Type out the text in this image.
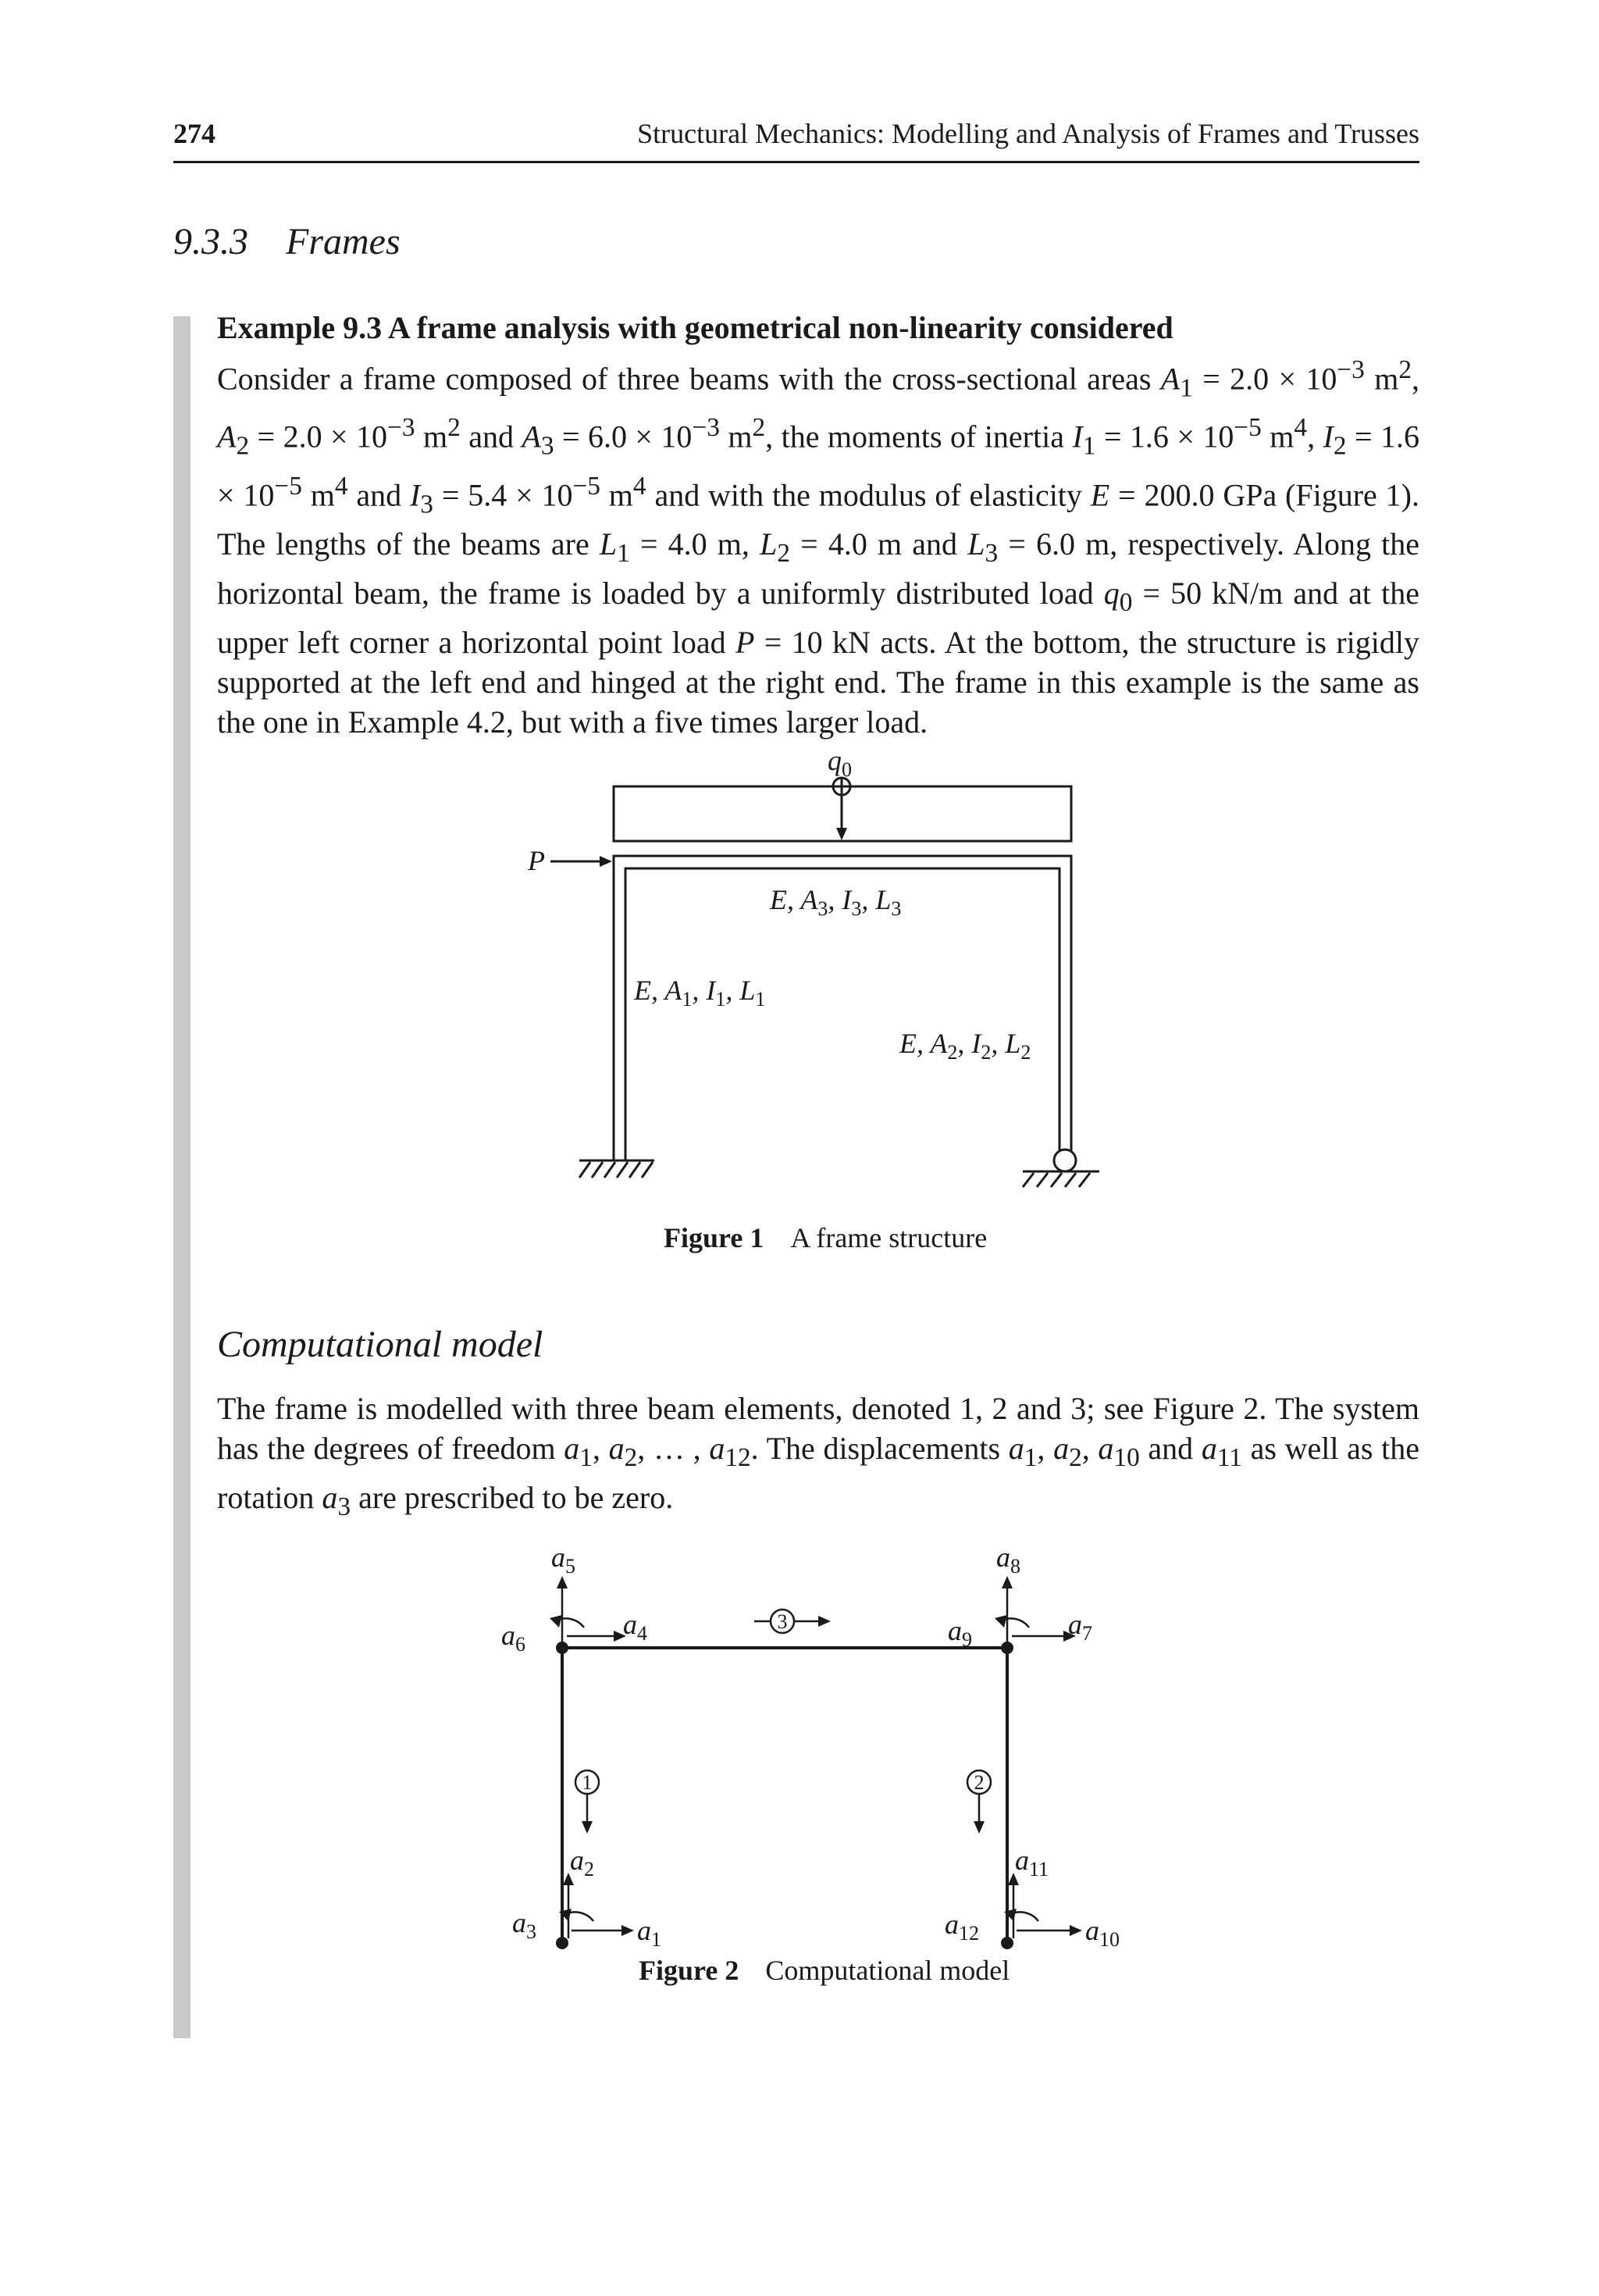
274	Structural Mechanics: Modelling and Analysis of Frames and Trusses
9.3.3 Frames
Example 9.3 A frame analysis with geometrical non-linearity considered
Consider a frame composed of three beams with the cross-sectional areas $A_1 = 2.0 \times 10^{-3}$ $m^2$, $A_2 = 2.0 \times 10^{-3}$ $m^2$ and $A_3 = 6.0 \times 10^{-3}$ $m^2$, the moments of inertia $I_1 = 1.6 \times 10^{-5}$ $m^4$, $I_2 = 1.6 \times 10^{-5}$ $m^4$ and $I_3 = 5.4 \times 10^{-5}$ $m^4$ and with the modulus of elasticity E = 200.0 GPa (Figure 1). The lengths of the beams are $L_1 = 4.0$ m, $L_2 = 4.0$ m and $L_3 = 6.0$ m, respectively. Along the horizontal beam, the frame is loaded by a uniformly distributed load $q_0 = 50$ kN/m and at the upper left corner a horizontal point load P = 10 kN acts. At the bottom, the structure is rigidly supported at the left end and hinged at the right end. The frame in this example is the same as the one in Example 4.2, but with a five times larger load.
$q_0$
P
E, $A_3$, $I_3$, $L_3$
E, $A_1$, $I_1$, $L_1$
E, $A_2$, $I_2$, $L_2$
Figure 1 A frame structure
Computational model
The frame is modelled with three beam elements, denoted 1, 2 and 3; see Figure 2. The system has the degrees of freedom $a_1$, $a_2$, … , $a_{12}$. The displacements $a_1$, $a_2$, $a_{10}$ and $a_{11}$ as well as the rotation $a_3$ are prescribed to be zero.
1	2
3
$a_5$
$a_4$
$a_6$
$a_8$
$a_7$
$a_9$
$a_2$
$a_1$
$a_3$
$a_{11}$
$a_{10}$
$a_{12}$
Figure 2 Computational model
